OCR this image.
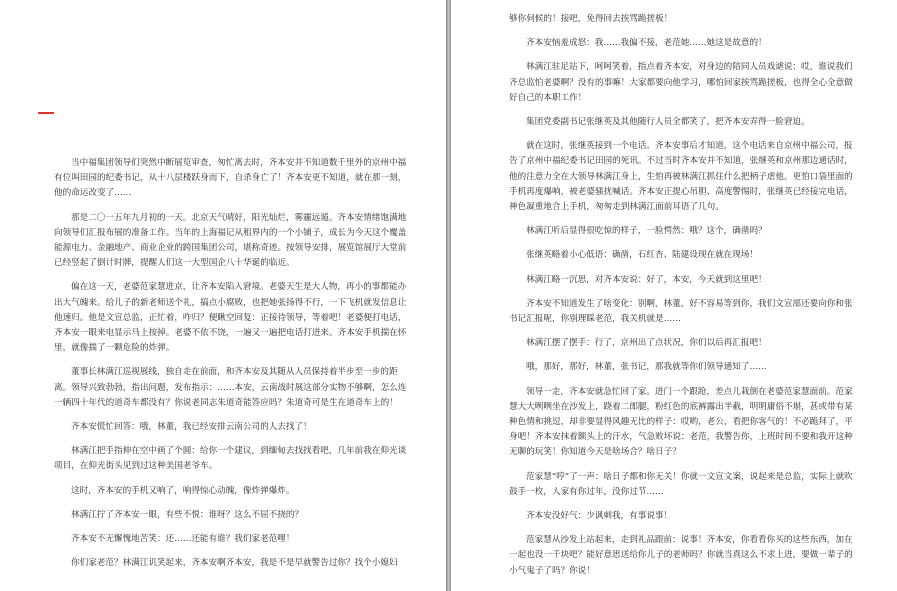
当中福集团领导们突然中断展览审查，匆忙离去时，齐本安并不知道数千里外的京州中福有位叫田园的纪委书记，从十八层楼跃身而下，自杀身亡了！齐本安更不知道，就在那一刻，他的命运改变了……

那是二〇一五年九月初的一天。北京天气晴好，阳光灿烂，雾霾远遁。齐本安情绪饱满地向领导们汇报布展的准备工作。当年的上海福记从租界内的一个小铺子，成长为今天这个覆盖能源电力、金融地产、商业企业的跨国集团公司，堪称奇迹。按领导安排，展览馆展厅大堂前已经竖起了倒计时牌，提醒人们这一大型国企八十华诞的临近。

偏在这一天，老婆范家慧进京，让齐本安陷入窘境。老婆天生是大人物，再小的事都能办出大气魄来。给儿子的新老师送个礼，搞点小腐败，也把她张扬得不行，一下飞机就发信息让他速归。他是文宣总监，正忙着，咋归？便瞅空回复：正接待领导，等着吧！老婆便打电话，齐本安一眼来电显示马上按掉。老婆不依不饶，一遍又一遍把电话打进来。齐本安手机揣在怀里，就像揣了一颗危险的炸弹。

董事长林满江巡视展线，独自走在前面，和齐本安及其随从人员保持着半步至一步的距离。领导兴致勃勃，指出问题，发布指示：……本安，云南战时展这部分实物不够啊，怎么连一辆四十年代的道奇车都没有？你说老同志朱道奇能答应吗？朱道奇可是生在道奇车上的！

齐本安慌忙回答：哦，林董，我已经安排云南公司的人去找了！

林满江把手指伸在空中画了个圆：给你一个建议，到缅甸去找找看吧，几年前我在仰光谈项目，在仰光街头见到过这种美国老爷车。

这时，齐本安的手机又响了，响得惊心动魄，像炸弹爆炸。

林满江拧了齐本安一眼，有些不悦：谁呀？这么不屈不挠的？

齐本安不无懈愧地苦笑：还……还能有谁？我们家老范哩！

你们家老范？林满江讥笑起来，齐本安啊齐本安，我是不是早就警告过你？找个小媳妇

够你伺候的！接吧，免得回去挨骂跪搓板！

齐本安恼羞成怒：我……我偏不接，老范她……她这是故意的！

林满江驻足站下，呵呵笑着，指点着齐本安，对身边的陪同人员戏谑说：哎，谁说我们齐总监怕老婆啊？没有的事嘛！大家都要向他学习，哪怕回家挨骂跪搓板，也得全心全意做好自己的本职工作！

集团党委副书记张继英及其他随行人员全都笑了，把齐本安弄得一脸窘迫。

就在这时，张继英接到一个电话。齐本安事后才知道，这个电话来自京州中福公司，报告了京州中福纪委书记田园的死讯。不过当时齐本安并不知道，张继英和京州那边通话时，他的注意力全在大领导林满江身上，生怕再被林满江抓住什么把柄子虐他。更怕口袋里面的手机再度爆响，被老婆骚扰喊话。齐本安正提心吊胆、高度警惕时，张继英已经接完电话，神色凝重地合上手机，匆匆走到林满江面前耳语了几句。

林满江听后显得很吃惊的样子，一脸愕然：哦？这个，确凿吗？

张继英略着小心低语：确凿，石红杏、陆建设现在就在现场！

林满江略一沉思，对齐本安说：好了，本安，今天就到这里吧！

齐本安不知道发生了啥变化：别啊，林董，好不容易等到你，我们文宣部还要向你和张书记汇报呢，你别理睬老范，我关机就是……

林满江摆了摆手：行了，京州出了点状况，你们以后再汇报吧！

哦，那好，那好，林董，张书记，那我就等你们领导通知了……

领导一走，齐本安就急忙回了家。进门一个跟跄，差点儿栽倒在老婆范家慧面前。范家慧大大咧咧坐在沙发上，跷着二郎腿，粉红色的底裤露出半截，明明庸俗不堪，甚或带有某种色情和挑逗，却非要显得风趣无比的样子：哎哟，老公，看把你客气的！不必跪拜了，平身吧！齐本安抹着额头上的汗水，气急败坏说：老范，我警告你，上班时间不要和我开这种无聊的玩笑！你知道今天是啥场合？啥日子？

范家慧“哼”了一声：啥日子都和你无关！你就一文宣文案，说起来是总监，实际上就吹鼓手一枚，人家有你过年，没你过节……

齐本安没好气：少讽刺我，有事说事！

范家慧从沙发上站起来，走到礼品跟前：说事！齐本安，你看看你买的这些东西，加在一起也没一千块吧？能好意思送给你儿子的老师吗？你就当真这么不求上进，要做一辈子的小气鬼子了吗？你说！
